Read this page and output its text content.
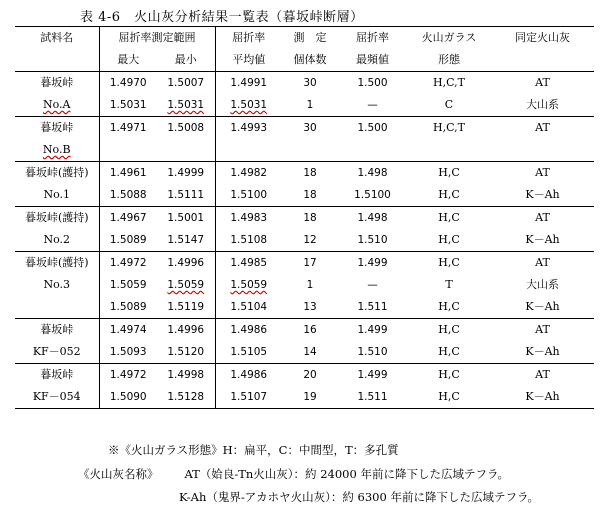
表 4-6　火山灰分析結果一覧表（暮坂峠断層）
試料名	屈折率測定範囲		屈折率	測　定	屈折率	火山ガラス	同定火山灰
	最大	最小	平均値	個体数	最頻値	形態	
暮坂峠	1.4970	1.5007	1.4991	30	1.500	H,C,T	AT
No.A	1.5031	1.5031	1.5031	1	—	C	大山系
暮坂峠	1.4971	1.5008	1.4993	30	1.500	H,C,T	AT
No.B							
暮坂峠(護持)	1.4961	1.4999	1.4982	18	1.498	H,C	AT
No.1	1.5088	1.5111	1.5100	18	1.5100	H,C	K－Ah
暮坂峠(護持)	1.4967	1.5001	1.4983	18	1.498	H,C	AT
No.2	1.5089	1.5147	1.5108	12	1.510	H,C	K－Ah
暮坂峠(護持)	1.4972	1.4996	1.4985	17	1.499	H,C	AT
No.3	1.5059	1.5059	1.5059	1	—	T	大山系
	1.5089	1.5119	1.5104	13	1.511	H,C	K－Ah
暮坂峠	1.4974	1.4996	1.4986	16	1.499	H,C	AT
KF－052	1.5093	1.5120	1.5105	14	1.510	H,C	K－Ah
暮坂峠	1.4972	1.4998	1.4986	20	1.499	H,C	AT
KF－054	1.5090	1.5128	1.5107	19	1.511	H,C	K－Ah
※《火山ガラス形態》H：扁平，C：中間型，T：多孔質
《火山灰名称》 AT（姶良-Tn火山灰）：約 24000 年前に降下した広域テフラ。
K-Ah（鬼界-アカホヤ火山灰）：約 6300 年前に降下した広域テフラ。
